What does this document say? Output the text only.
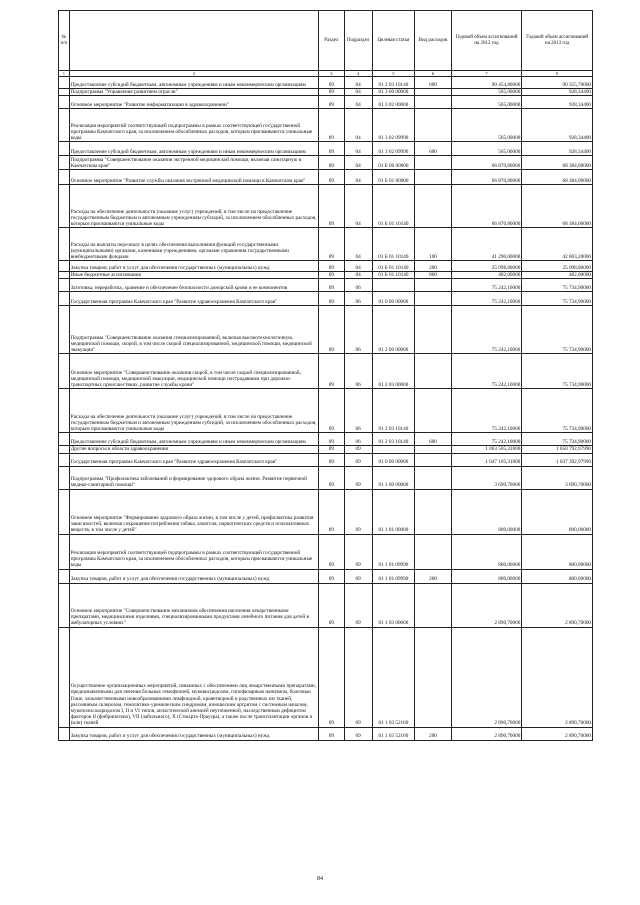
№ п/п		Раздел	Подраздел	Целевая статья	Вид расходов	Годовой объем ассигнований на 2012 год	Годовой объем ассигнований на 2013 год
1	2	3	4	5	6	7	8
	Предоставление субсидий бюджетным, автономным учреждениям и иным некоммерческим организациям	09	04	01 2 03 10140	600	90 454,80000	90 355,70000
	Подпрограмма "Управление развитием отрасли"	09	04	01 3 00 00000		565,00000	928,34400
	Основное мероприятие "Развитие информатизации в здравоохранении"	09	04	01 3 02 00000		565,00000	928,34400
	Реализация мероприятий соответствующей подпрограммы в рамках соответствующей государственной программы Камчатского края, за исключением обособленных расходов, которым присваиваются уникальные коды	09	04	01 3 02 09990		565,00000	928,34400
	Предоставление субсидий бюджетным, автономным учреждениям и иным некоммерческим организациям	09	04	01 3 02 09990	600	565,00000	928,34400
	Подпрограмма "Совершенствование оказания экстренной медицинской помощи, включая санитарную в Камчатском крае"	09	04	01 Б 00 00000		66 870,80000	68 384,00000
	Основное мероприятие "Развитие службы оказания экстренной медицинской помощи в Камчатском крае"	09	04	01 Б 01 00000		66 870,80000	68 384,00000
	Расходы на обеспечение деятельности (оказание услуг) учреждений, в том числе на предоставление государственным бюджетным и автономным учреждениям субсидий, за исключением обособленных расходов, которым присваиваются уникальные коды	09	04	01 Б 01 10140		66 870,80000	68 384,00000
	Расходы на выплаты персоналу в целях обеспечения выполнения функций государственными (муниципальными) органами, казенными учреждениями, органами управления государственными внебюджетными фондами	09	04	01 Б 01 10140	100	41 290,00000	42 803,20000
	Закупка товаров, работ и услуг для обеспечения государственных (муниципальных) нужд	09	04	01 Б 01 10140	200	25 098,80000	25 098,80000
	Иные бюджетные ассигнования	09	04	01 Б 01 10140	800	482,00000	482,00000
	Заготовка, переработка, хранение и обеспечение безопасности донорской крови и ее компонентов	09	06			75 242,10000	75 734,90000
	Государственная программа Камчатского края "Развитие здравоохранения Камчатского края"	09	06	01 0 00 00000		75 242,10000	75 734,90000
	Подпрограмма "Совершенствование оказания специализированной, включая высокотехнологичную, медицинской помощи, скорой, в том числе скорой специализированной, медицинской помощи, медицинской эвакуации"	09	06	01 2 00 00000		75 242,10000	75 734,90000
	Основное мероприятие "Совершенствование оказания скорой, в том числе скорой специализированной, медицинской помощи, медицинской эвакуации, медицинской помощи пострадавшим при дорожно-транспортных происшествиях, развитие службы крови"	09	06	01 2 03 00000		75 242,10000	75 734,90000
	Расходы на обеспечение деятельности (оказание услуг) учреждений, в том числе на предоставление государственным бюджетным и автономным учреждениям субсидий, за исключением обособленных расходов, которым присваиваются уникальные коды	09	06	01 2 03 10140		75 242,10000	75 734,90000
	Предоставление субсидий бюджетным, автономным учреждениям и иным некоммерческим организациям	09	06	01 2 03 10140	600	75 242,10000	75 734,90000
	Другие вопросы в области здравоохранения	09	09			1 063 505,31000	1 050 792,97990
	Государственная программа Камчатского края "Развитие здравоохранения Камчатского края"	09	09	01 0 00 00000		1 047 105,31000	1 037 392,97990
	Подпрограмма "Профилактика заболеваний и формирование здорового образа жизни. Развитие первичной медико-санитарной помощи"	09	09	01 1 00 00000		3 690,70000	3 690,70000
	Основное мероприятие "Формирование здорового образа жизни, в том числе у детей, профилактика развития зависимостей, включая сокращение потребления табака, алкоголя, наркотических средств и психоактивных веществ, в том числе у детей"	09	09	01 1 01 00000		800,00000	800,00000
	Реализация мероприятий соответствующей подпрограммы в рамках соответствующей государственной программы Камчатского края, за исключением обособленных расходов, которым присваиваются уникальные коды	09	09	01 1 01 09990		800,00000	800,00000
	Закупка товаров, работ и услуг для обеспечения государственных (муниципальных) нужд	09	09	01 1 01 09990	200	800,00000	800,00000
	Основное мероприятие "Совершенствование механизмов обеспечения населения лекарственными препаратами, медицинскими изделиями, специализированными продуктами лечебного питания для детей в амбулаторных условиях"	09	09	01 1 03 00000		2 890,70000	2 890,70000
	Осуществление организационных мероприятий, связанных с обеспечением лиц лекарственными препаратами, предназначенными для лечения больных гемофилией, муковисцидозом, гипофизарным нанизмом, болезнью Гоше, злокачественными новообразованиями лимфоидной, кроветворной и родственных им тканей, рассеянным склерозом, гемолитико-уремическим синдромом, юношеским артритом с системным началом, мукополисахаридозом I, II и VI типов, апластической анемией неуточненной, наследственным дефицитом факторов II (фибриногена), VII (лабильного), X (Стюарта-Прауэра), а также после трансплантации органов и (или) тканей	09	09	01 1 03 52160		2 890,70000	2 890,70000
	Закупка товаров, работ и услуг для обеспечения государственных (муниципальных) нужд	09	09	01 1 03 52160	200	2 890,70000	2 890,70000
84
